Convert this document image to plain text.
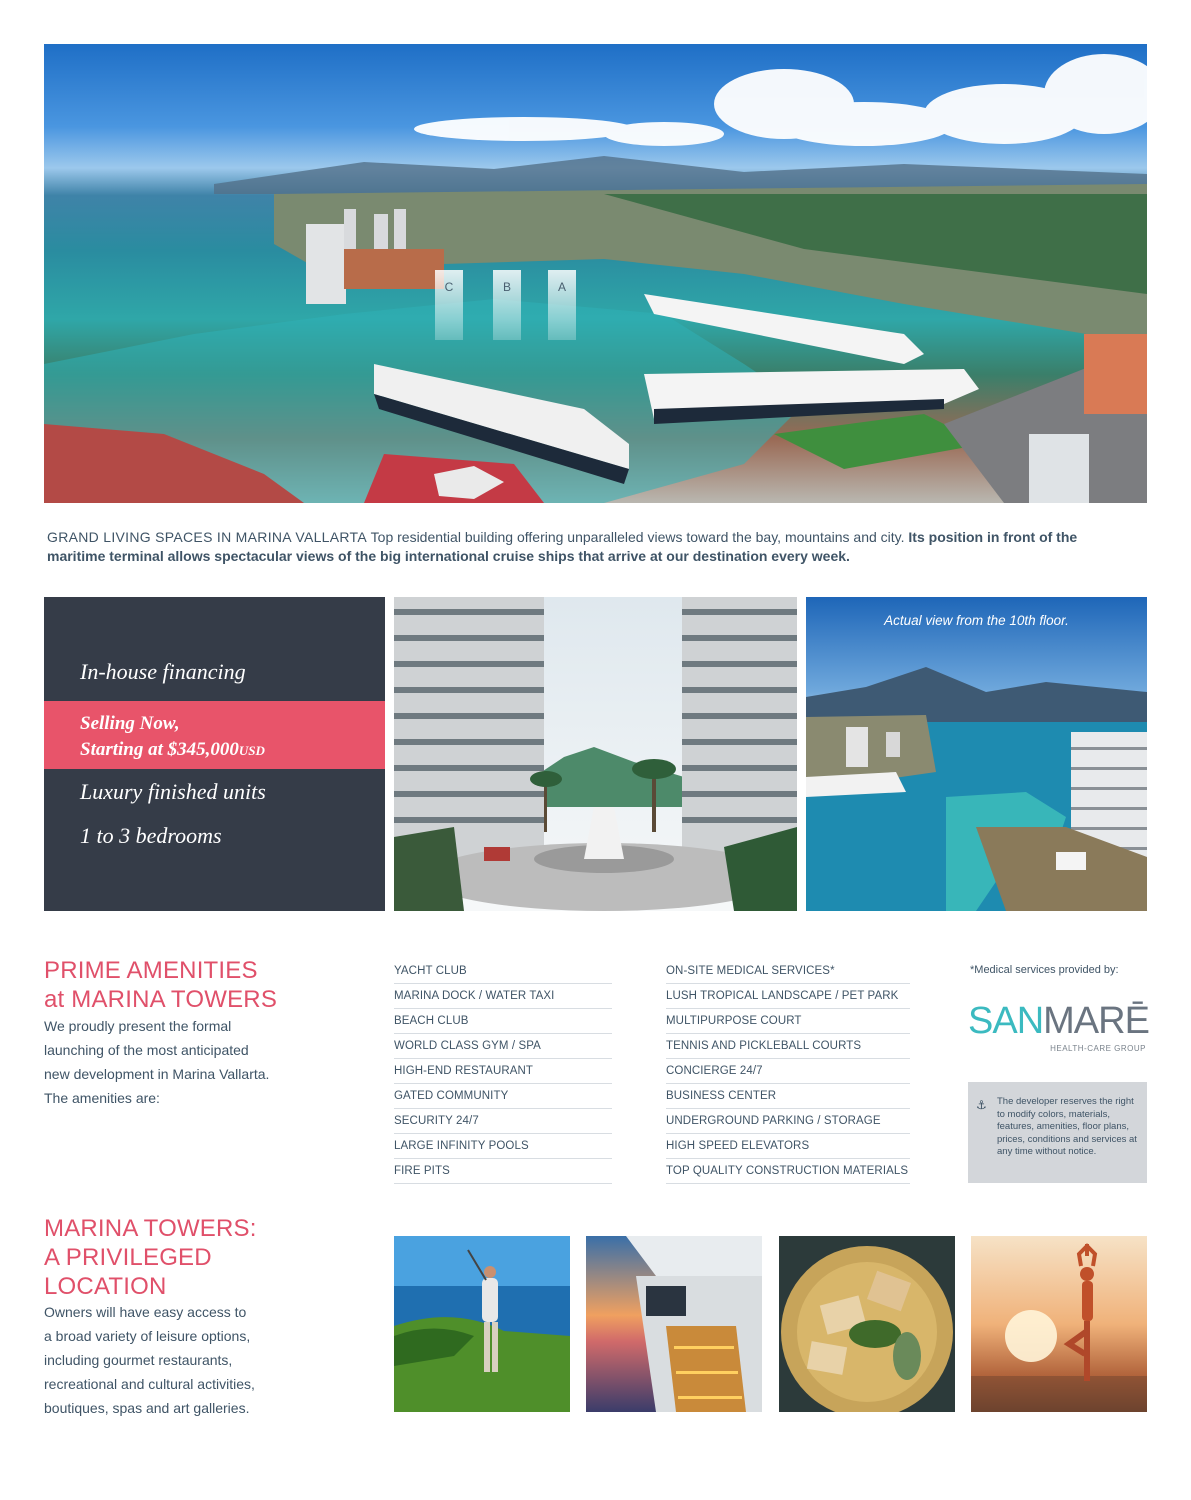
C	B	A

GRAND LIVING SPACES IN MARINA VALLARTA Top residential building offering unparalleled views toward the bay, mountains and city. Its position in front of the maritime terminal allows spectacular views of the big international cruise ships that arrive at our destination every week.

In-house financing
Selling Now,
Starting at $345,000USD
Luxury finished units
1 to 3 bedrooms
Actual view from the 10th floor.
PRIME AMENITIES
at MARINA TOWERS
We proudly present the formal
launching of the most anticipated
new development in Marina Vallarta.
The amenities are:
YACHT CLUB
MARINA DOCK / WATER TAXI
BEACH CLUB
WORLD CLASS GYM / SPA
HIGH-END RESTAURANT
GATED COMMUNITY
SECURITY 24/7
LARGE INFINITY POOLS
FIRE PITS
ON-SITE MEDICAL SERVICES*
LUSH TROPICAL LANDSCAPE / PET PARK
MULTIPURPOSE COURT
TENNIS AND PICKLEBALL COURTS
CONCIERGE 24/7
BUSINESS CENTER
UNDERGROUND PARKING / STORAGE
HIGH SPEED ELEVATORS
TOP QUALITY CONSTRUCTION MATERIALS
*Medical services provided by:
SANMARĒ
HEALTH-CARE GROUP
⚓ The developer reserves the right to modify colors, materials, features, amenities, floor plans, prices, conditions and services at any time without notice.
MARINA TOWERS:
A PRIVILEGED
LOCATION
Owners will have easy access to
a broad variety of leisure options,
including gourmet restaurants,
recreational and cultural activities,
boutiques, spas and art galleries.
